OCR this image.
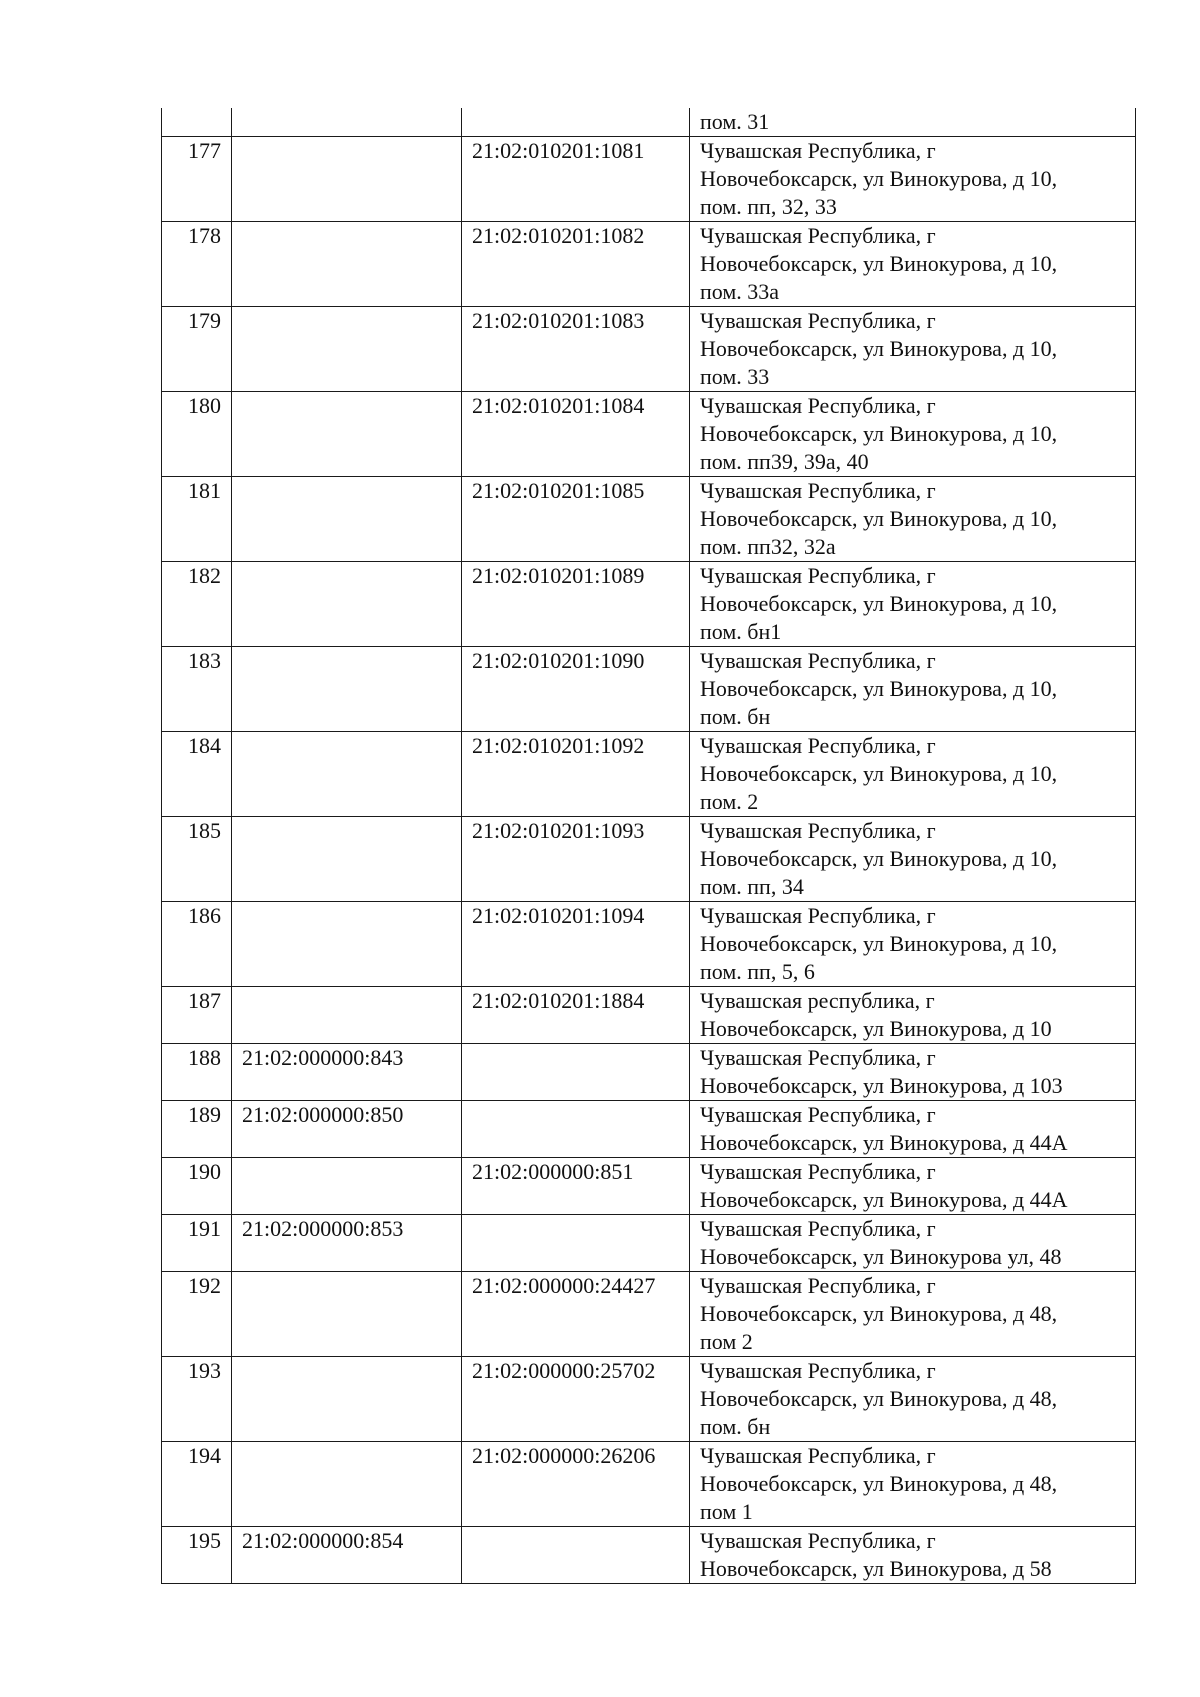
			пом. 31

177		21:02:010201:1081	Чувашская Республика, г
Новочебоксарск, ул Винокурова, д 10,
пом. пп, 32, 33

178		21:02:010201:1082	Чувашская Республика, г
Новочебоксарск, ул Винокурова, д 10,
пом. 33а

179		21:02:010201:1083	Чувашская Республика, г
Новочебоксарск, ул Винокурова, д 10,
пом. 33

180		21:02:010201:1084	Чувашская Республика, г
Новочебоксарск, ул Винокурова, д 10,
пом. пп39, 39а, 40

181		21:02:010201:1085	Чувашская Республика, г
Новочебоксарск, ул Винокурова, д 10,
пом. пп32, 32а

182		21:02:010201:1089	Чувашская Республика, г
Новочебоксарск, ул Винокурова, д 10,
пом. бн1

183		21:02:010201:1090	Чувашская Республика, г
Новочебоксарск, ул Винокурова, д 10,
пом. бн

184		21:02:010201:1092	Чувашская Республика, г
Новочебоксарск, ул Винокурова, д 10,
пом. 2

185		21:02:010201:1093	Чувашская Республика, г
Новочебоксарск, ул Винокурова, д 10,
пом. пп, 34

186		21:02:010201:1094	Чувашская Республика, г
Новочебоксарск, ул Винокурова, д 10,
пом. пп, 5, 6

187		21:02:010201:1884	Чувашская республика, г
Новочебоксарск, ул Винокурова, д 10

188	21:02:000000:843		Чувашская Республика, г
Новочебоксарск, ул Винокурова, д 103

189	21:02:000000:850		Чувашская Республика, г
Новочебоксарск, ул Винокурова, д 44А

190		21:02:000000:851	Чувашская Республика, г
Новочебоксарск, ул Винокурова, д 44А

191	21:02:000000:853		Чувашская Республика, г
Новочебоксарск, ул Винокурова ул, 48

192		21:02:000000:24427	Чувашская Республика, г
Новочебоксарск, ул Винокурова, д 48,
пом 2

193		21:02:000000:25702	Чувашская Республика, г
Новочебоксарск, ул Винокурова, д 48,
пом. бн

194		21:02:000000:26206	Чувашская Республика, г
Новочебоксарск, ул Винокурова, д 48,
пом 1

195	21:02:000000:854		Чувашская Республика, г
Новочебоксарск, ул Винокурова, д 58
